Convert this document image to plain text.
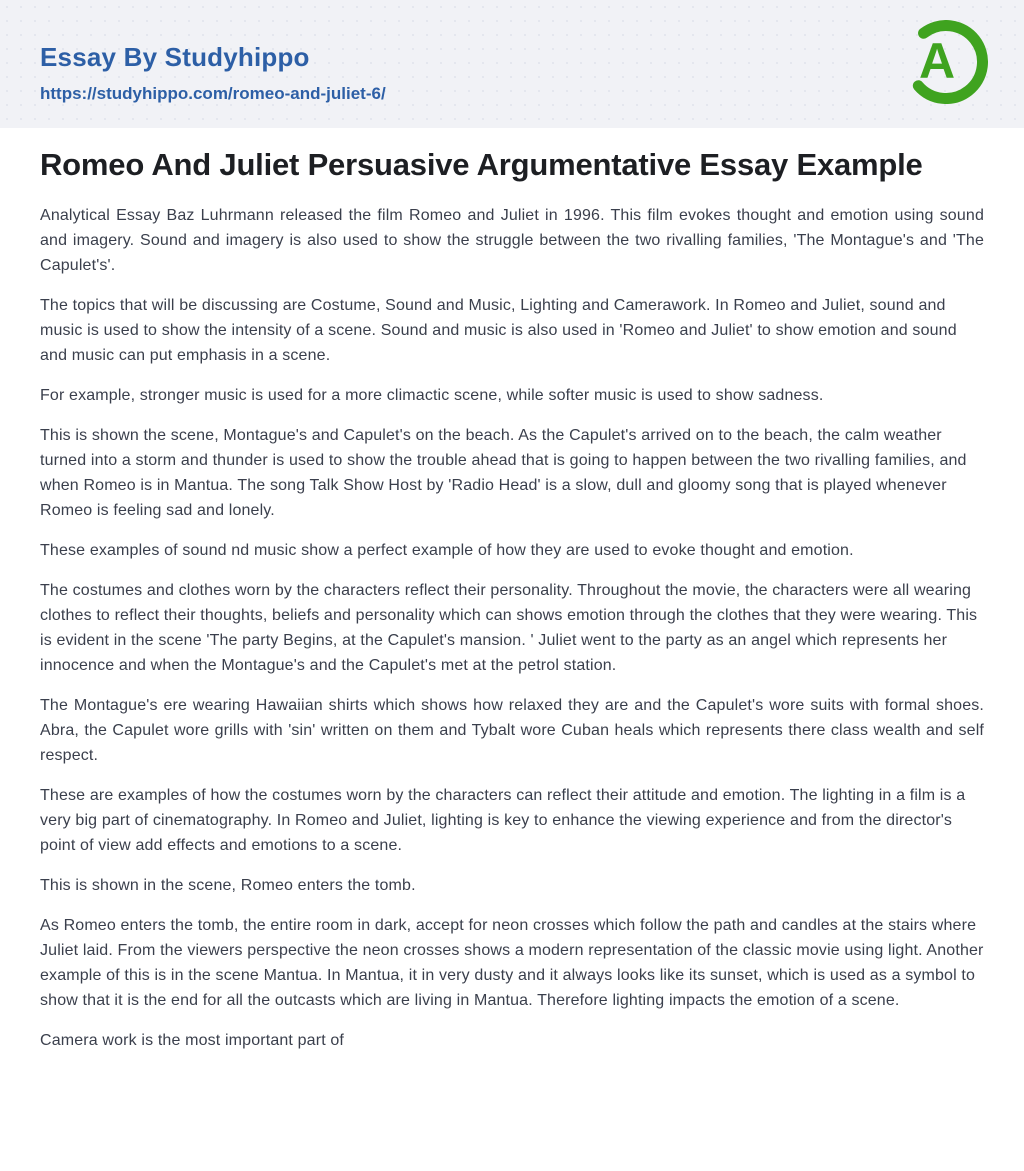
Essay By Studyhippo
https://studyhippo.com/romeo-and-juliet-6/
A
Romeo And Juliet Persuasive Argumentative Essay Example

Analytical Essay Baz Luhrmann released the film Romeo and Juliet in 1996. This film evokes thought and emotion using sound and imagery. Sound and imagery is also used to show the struggle between the two rivalling families, 'The Montague's and 'The Capulet's'.

The topics that will be discussing are Costume, Sound and Music, Lighting and Camerawork. In Romeo and Juliet, sound and music is used to show the intensity of a scene. Sound and music is also used in 'Romeo and Juliet' to show emotion and sound and music can put emphasis in a scene.

For example, stronger music is used for a more climactic scene, while softer music is used to show sadness.

This is shown the scene, Montague's and Capulet's on the beach. As the Capulet's arrived on to the beach, the calm weather turned into a storm and thunder is used to show the trouble ahead that is going to happen between the two rivalling families, and when Romeo is in Mantua. The song Talk Show Host by 'Radio Head' is a slow, dull and gloomy song that is played whenever Romeo is feeling sad and lonely.

These examples of sound nd music show a perfect example of how they are used to evoke thought and emotion.

The costumes and clothes worn by the characters reflect their personality. Throughout the movie, the characters were all wearing clothes to reflect their thoughts, beliefs and personality which can shows emotion through the clothes that they were wearing. This is evident in the scene 'The party Begins, at the Capulet's mansion. ' Juliet went to the party as an angel which represents her innocence and when the Montague's and the Capulet's met at the petrol station.

The Montague's ere wearing Hawaiian shirts which shows how relaxed they are and the Capulet's wore suits with formal shoes. Abra, the Capulet wore grills with 'sin' written on them and Tybalt wore Cuban heals which represents there class wealth and self respect.

These are examples of how the costumes worn by the characters can reflect their attitude and emotion. The lighting in a film is a very big part of cinematography. In Romeo and Juliet, lighting is key to enhance the viewing experience and from the director's point of view add effects and emotions to a scene.

This is shown in the scene, Romeo enters the tomb.

As Romeo enters the tomb, the entire room in dark, accept for neon crosses which follow the path and candles at the stairs where Juliet laid. From the viewers perspective the neon crosses shows a modern representation of the classic movie using light. Another example of this is in the scene Mantua. In Mantua, it in very dusty and it always looks like its sunset, which is used as a symbol to show that it is the end for all the outcasts which are living in Mantua. Therefore lighting impacts the emotion of a scene.

Camera work is the most important part of
